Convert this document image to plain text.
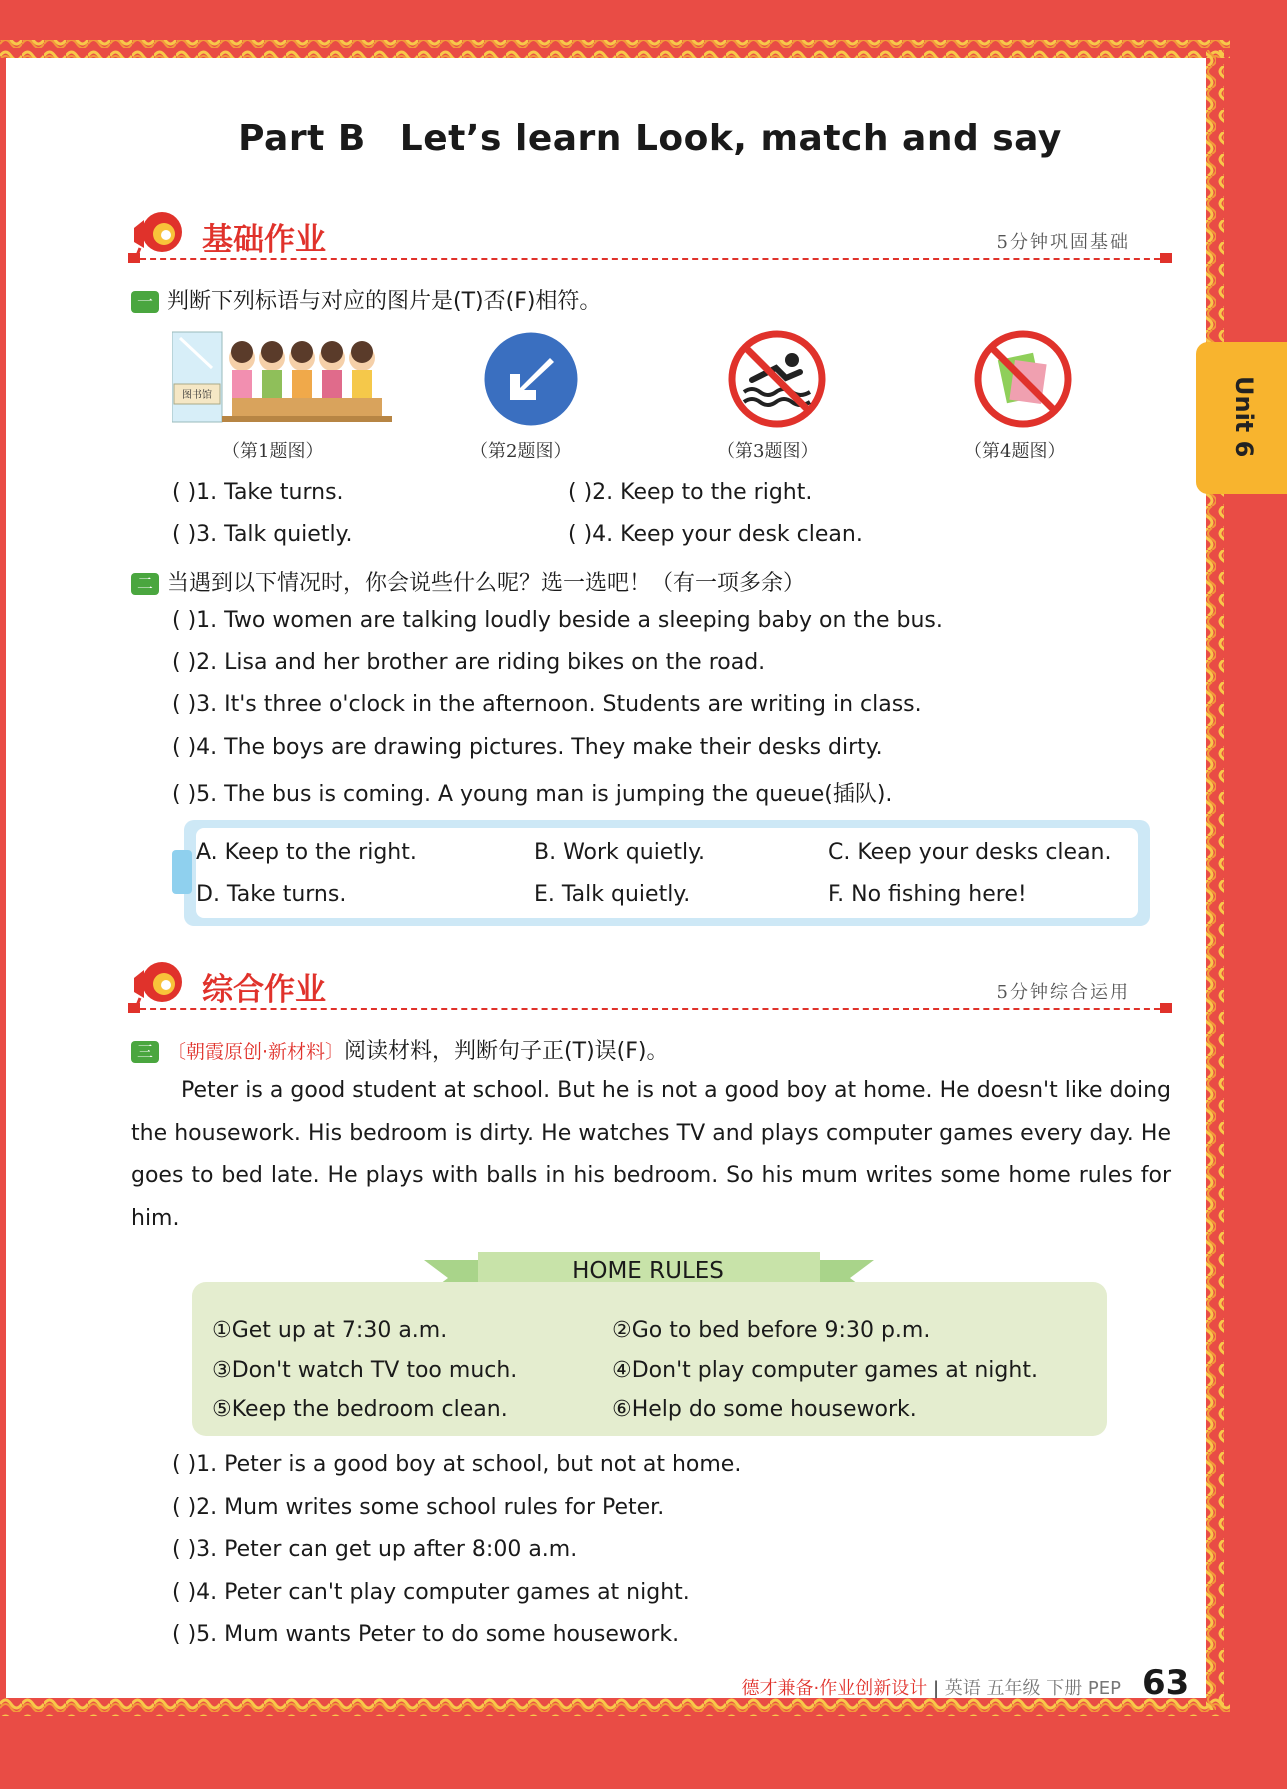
Part B Let’s learn Look, match and say
Unit 6
基础作业	5分钟巩固基础
一 判断下列标语与对应的图片是(T)否(F)相符。
图书馆
（第1题图）	（第2题图）	（第3题图）	（第4题图）
( )1. Take turns.	( )2. Keep to the right.
( )3. Talk quietly.	( )4. Keep your desk clean.
二 当遇到以下情况时，你会说些什么呢？选一选吧！（有一项多余）
( )1. Two women are talking loudly beside a sleeping baby on the bus.
( )2. Lisa and her brother are riding bikes on the road.
( )3. It's three o'clock in the afternoon. Students are writing in class.
( )4. The boys are drawing pictures. They make their desks dirty.
( )5. The bus is coming. A young man is jumping the queue(插队).
A. Keep to the right.	B. Work quietly.	C. Keep your desks clean.
D. Take turns.	E. Talk quietly.	F. No fishing here!
综合作业	5分钟综合运用
三 〔朝霞原创·新材料〕阅读材料，判断句子正(T)误(F)。
Peter is a good student at school. But he is not a good boy at home. He doesn't like doing the housework. His bedroom is dirty. He watches TV and plays computer games every day. He goes to bed late. He plays with balls in his bedroom. So his mum writes some home rules for him.
①Get up at 7:30 a.m.	②Go to bed before 9:30 p.m.
③Don't watch TV too much.	④Don't play computer games at night.
⑤Keep the bedroom clean.	⑥Help do some housework.
HOME RULES
( )1. Peter is a good boy at school, but not at home.
( )2. Mum writes some school rules for Peter.
( )3. Peter can get up after 8:00 a.m.
( )4. Peter can't play computer games at night.
( )5. Mum wants Peter to do some housework.
德才兼备·作业创新设计 | 英语 五年级 下册 PEP 63
